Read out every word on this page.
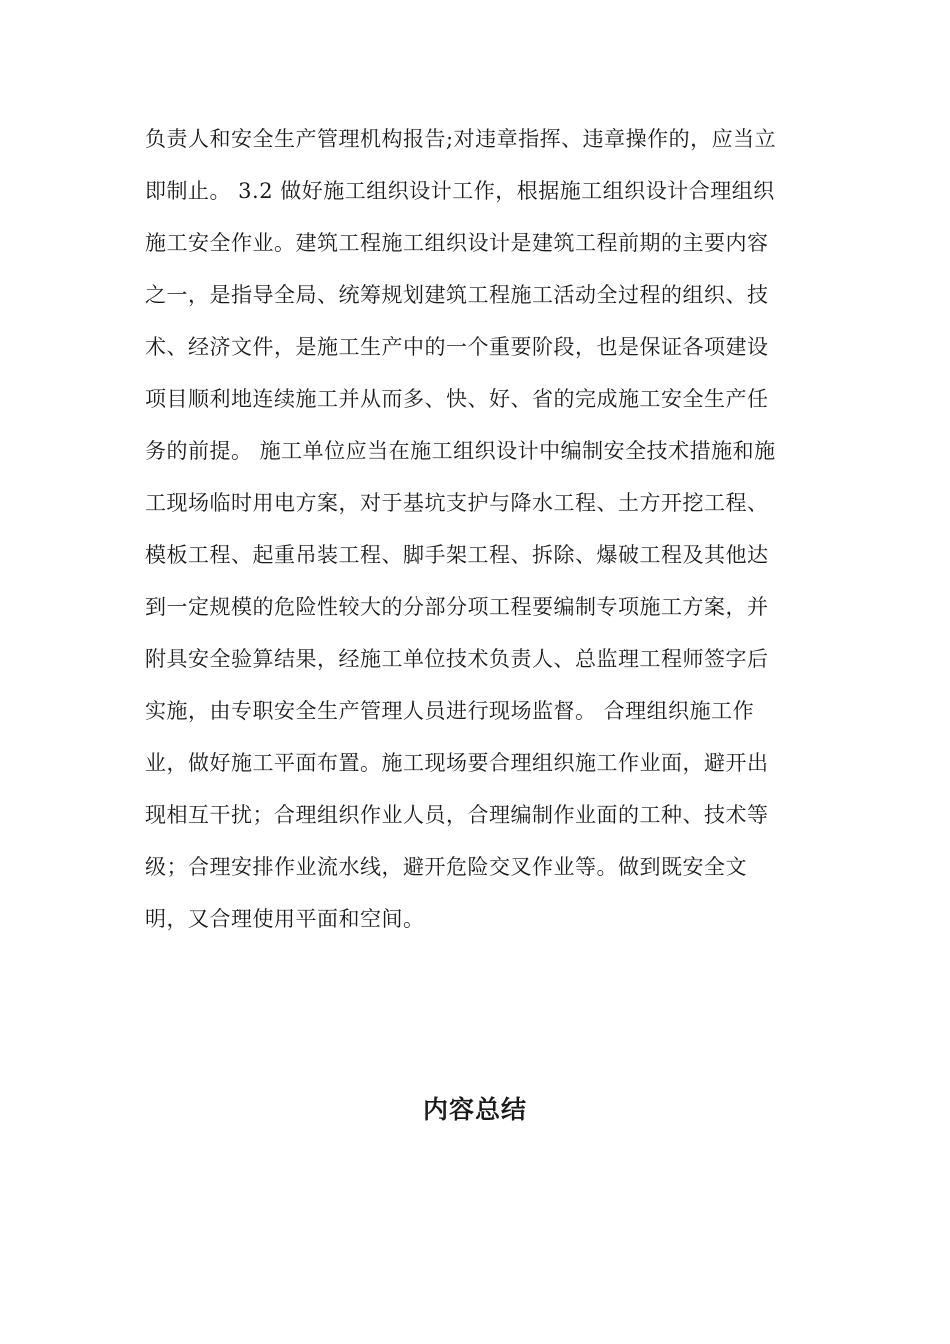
负责人和安全生产管理机构报告;对违章指挥、违章操作的，应当立
即制止。 3.2 做好施工组织设计工作，根据施工组织设计合理组织
施工安全作业。建筑工程施工组织设计是建筑工程前期的主要内容
之一，是指导全局、统筹规划建筑工程施工活动全过程的组织、技
术、经济文件，是施工生产中的一个重要阶段，也是保证各项建设
项目顺利地连续施工并从而多、快、好、省的完成施工安全生产任
务的前提。 施工单位应当在施工组织设计中编制安全技术措施和施
工现场临时用电方案，对于基坑支护与降水工程、土方开挖工程、
模板工程、起重吊装工程、脚手架工程、拆除、爆破工程及其他达
到一定规模的危险性较大的分部分项工程要编制专项施工方案，并
附具安全验算结果，经施工单位技术负责人、总监理工程师签字后
实施，由专职安全生产管理人员进行现场监督。 合理组织施工作
业，做好施工平面布置。施工现场要合理组织施工作业面，避开出
现相互干扰；合理组织作业人员，合理编制作业面的工种、技术等
级；合理安排作业流水线，避开危险交叉作业等。做到既安全文
明，又合理使用平面和空间。
内容总结
